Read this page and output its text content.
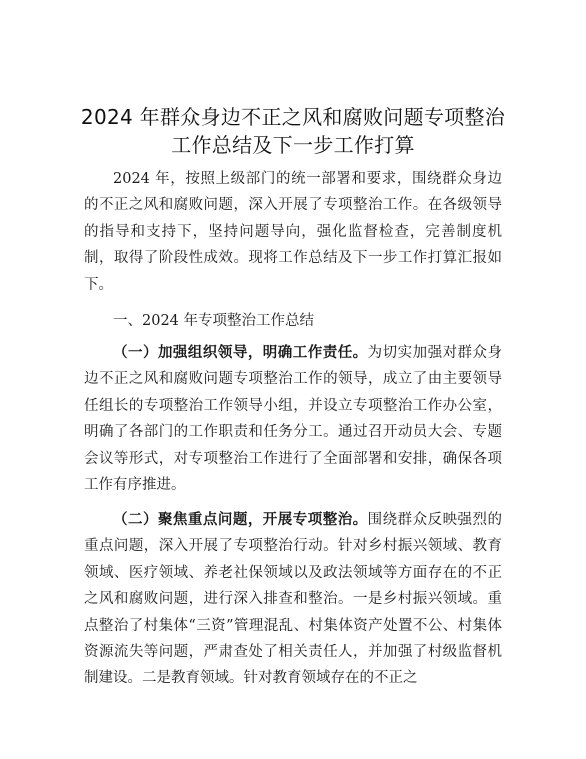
2024 年群众身边不正之风和腐败问题专项整治
工作总结及下一步工作打算

2024 年，按照上级部门的统一部署和要求，围绕群众身边的不正之风和腐败问题，深入开展了专项整治工作。在各级领导的指导和支持下，坚持问题导向，强化监督检查，完善制度机制，取得了阶段性成效。现将工作总结及下一步工作打算汇报如下。

一、2024 年专项整治工作总结

（一）加强组织领导，明确工作责任。为切实加强对群众身边不正之风和腐败问题专项整治工作的领导，成立了由主要领导任组长的专项整治工作领导小组，并设立专项整治工作办公室，明确了各部门的工作职责和任务分工。通过召开动员大会、专题会议等形式，对专项整治工作进行了全面部署和安排，确保各项工作有序推进。

（二）聚焦重点问题，开展专项整治。围绕群众反映强烈的重点问题，深入开展了专项整治行动。针对乡村振兴领域、教育领域、医疗领域、养老社保领域以及政法领域等方面存在的不正之风和腐败问题，进行深入排查和整治。一是乡村振兴领域。重点整治了村集体“三资”管理混乱、村集体资产处置不公、村集体资源流失等问题，严肃查处了相关责任人，并加强了村级监督机制建设。二是教育领域。针对教育领域存在的不正之
